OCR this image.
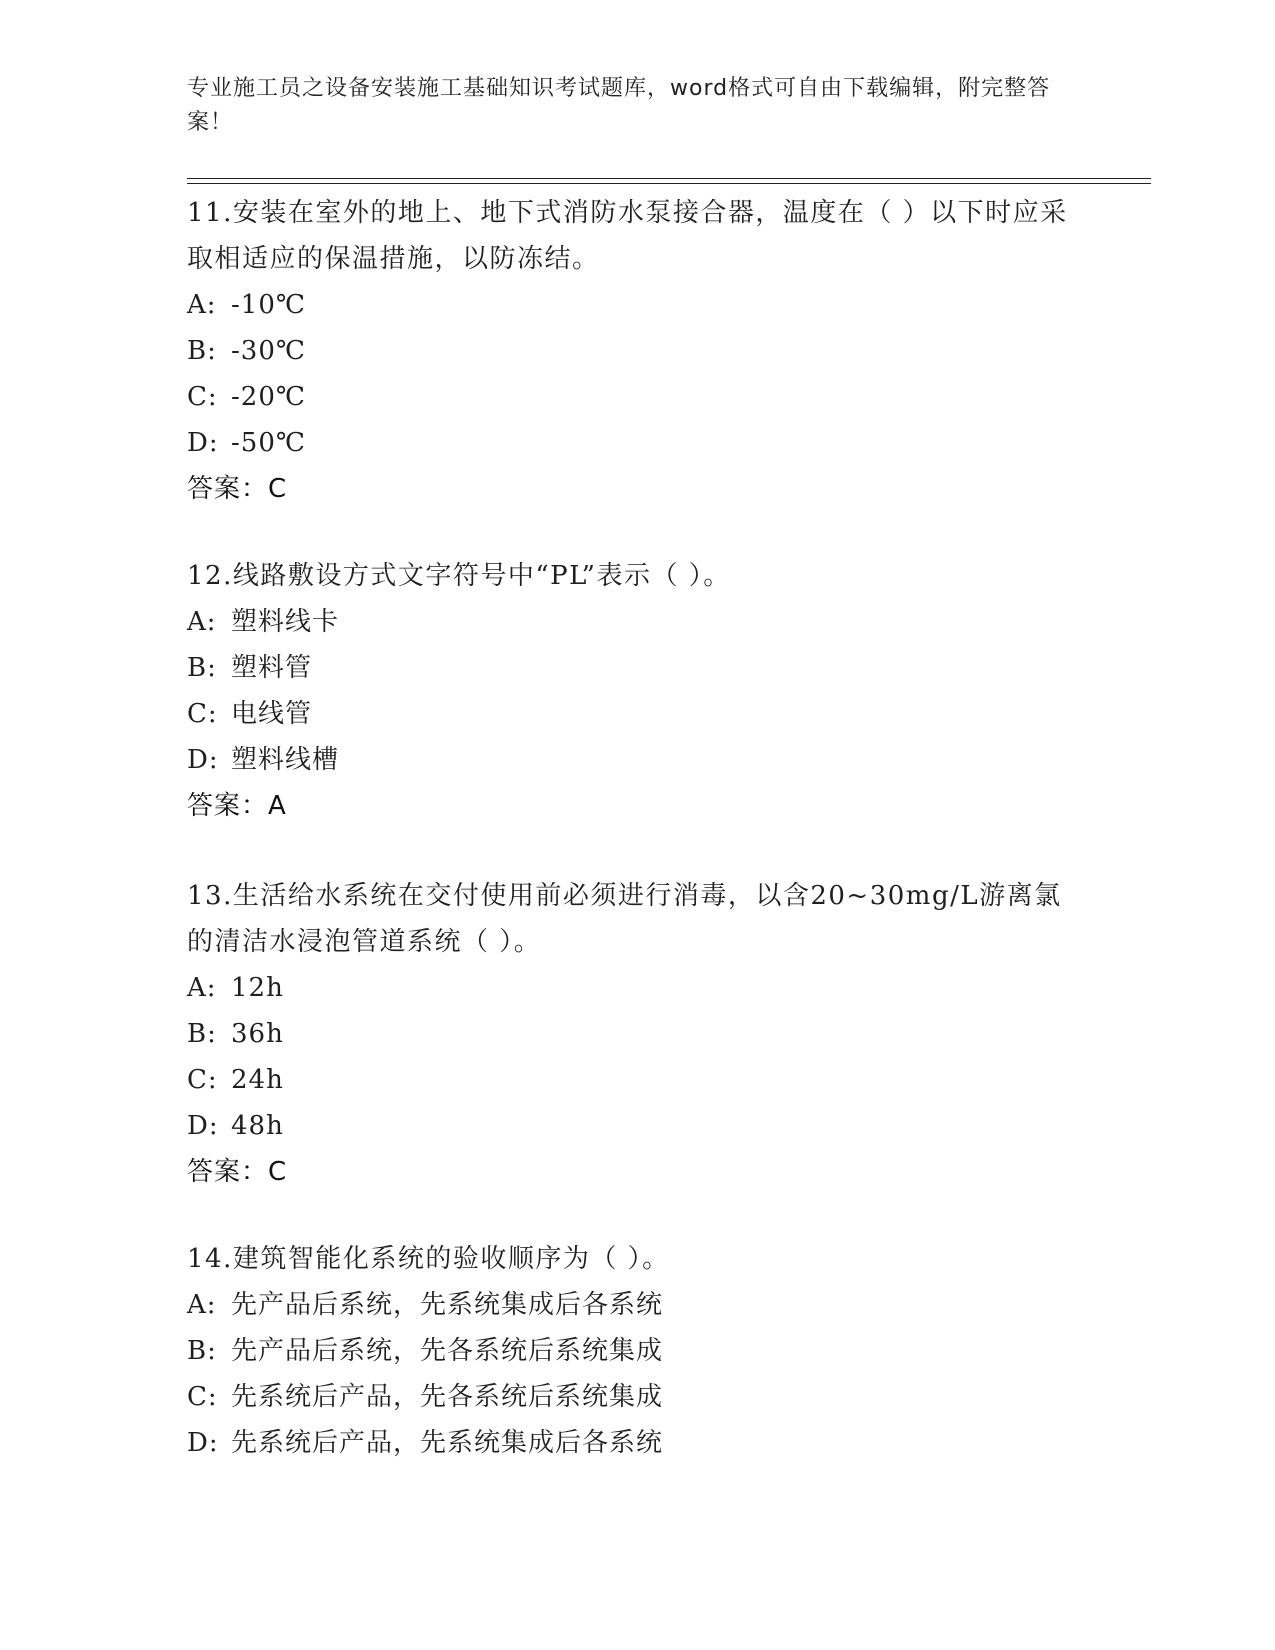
专业施工员之设备安装施工基础知识考试题库，word格式可自由下载编辑，附完整答案！

11.安装在室外的地上、地下式消防水泵接合器，温度在（ ）以下时应采取相适应的保温措施，以防冻结。

A: -10℃
B: -30℃
C: -20℃
D: -50℃
答案：C

12.线路敷设方式文字符号中“PL”表示（ ）。

A: 塑料线卡
B: 塑料管
C: 电线管
D: 塑料线槽
答案：A

13.生活给水系统在交付使用前必须进行消毒，以含20~30mg/L游离氯的清洁水浸泡管道系统（ ）。

A: 12h
B: 36h
C: 24h
D: 48h
答案：C

14.建筑智能化系统的验收顺序为（ ）。

A: 先产品后系统，先系统集成后各系统
B: 先产品后系统，先各系统后系统集成
C: 先系统后产品，先各系统后系统集成
D: 先系统后产品，先系统集成后各系统
